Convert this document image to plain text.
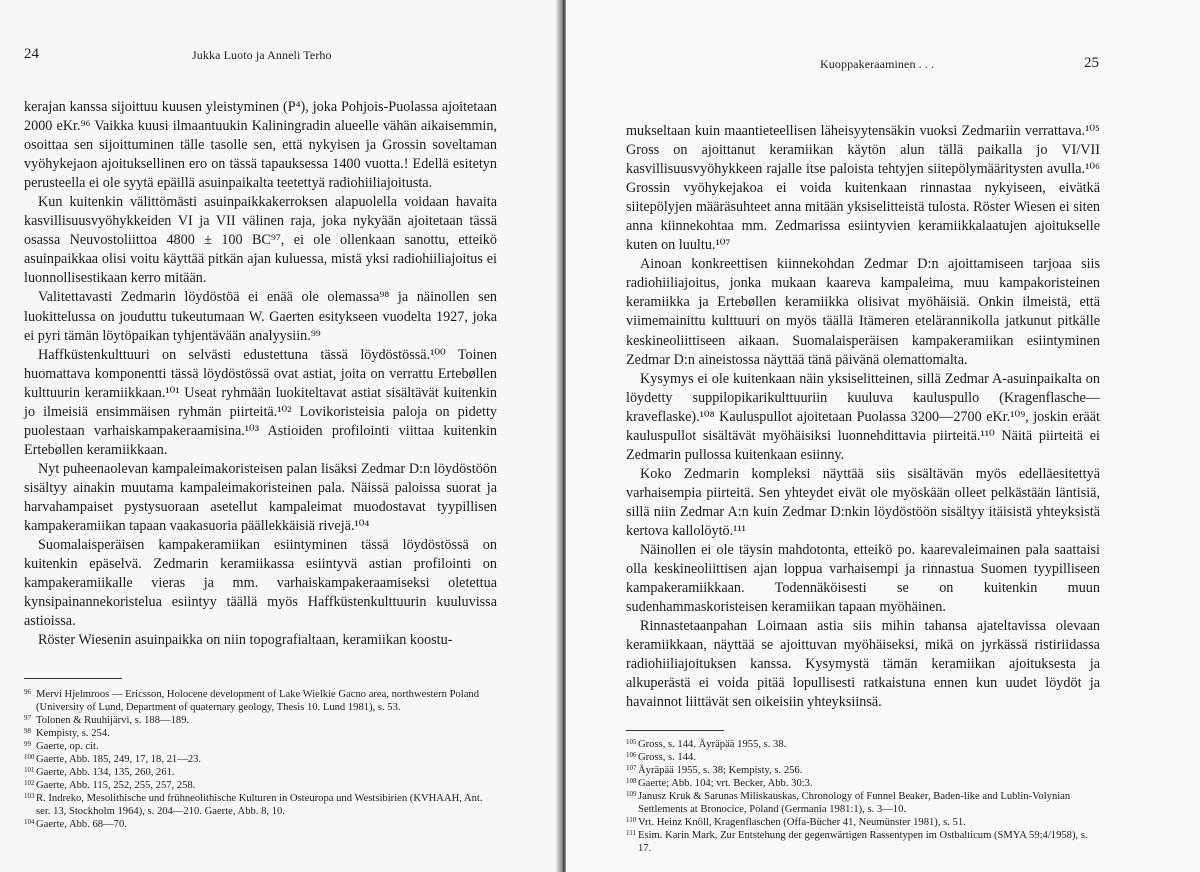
24	Jukka Luoto ja Anneli Terho

kerajan kanssa sijoittuu kuusen yleistyminen (P⁴), joka Pohjois-Puolassa ajoitetaan 2000 eKr.⁹⁶ Vaikka kuusi ilmaantuukin Kaliningradin alueelle vähän aikaisemmin, osoittaa sen sijoittuminen tälle tasolle sen, että nykyisen ja Grossin soveltaman vyöhykejaon ajoituksellinen ero on tässä tapauksessa 1400 vuotta.! Edellä esitetyn perusteella ei ole syytä epäillä asuinpaikalta teetettyä radiohiiliajoitusta.

Kun kuitenkin välittömästi asuinpaikkakerroksen alapuolella voidaan havaita kasvillisuusvyöhykkeiden VI ja VII välinen raja, joka nykyään ajoitetaan tässä osassa Neuvostoliittoa 4800 ± 100 BC⁹⁷, ei ole ollenkaan sanottu, etteikö asuinpaikkaa olisi voitu käyttää pitkän ajan kuluessa, mistä yksi radiohiiliajoitus ei luonnollisestikaan kerro mitään.

Valitettavasti Zedmarin löydöstöä ei enää ole olemassa⁹⁸ ja näinollen sen luokittelussa on jouduttu tukeutumaan W. Gaerten esitykseen vuodelta 1927, joka ei pyri tämän löytöpaikan tyhjentävään analyysiin.⁹⁹

Haffküstenkulttuuri on selvästi edustettuna tässä löydöstössä.¹⁰⁰ Toinen huomattava komponentti tässä löydöstössä ovat astiat, joita on verrattu Ertebøllen kulttuurin keramiikkaan.¹⁰¹ Useat ryhmään luokiteltavat astiat sisältävät kuitenkin jo ilmeisiä ensimmäisen ryhmän piirteitä.¹⁰² Lovikoristeisia paloja on pidetty puolestaan varhaiskampakeraamisina.¹⁰³ Astioiden profilointi viittaa kuitenkin Ertebøllen keramiikkaan.

Nyt puheenaolevan kampaleimakoristeisen palan lisäksi Zedmar D:n löydöstöön sisältyy ainakin muutama kampaleimakoristeinen pala. Näissä paloissa suorat ja harvahampaiset pystysuoraan asetellut kampaleimat muodostavat tyypillisen kampakeramiikan tapaan vaakasuoria päällekkäisiä rivejä.¹⁰⁴

Suomalaisperäisen kampakeramiikan esiintyminen tässä löydöstössä on kuitenkin epäselvä. Zedmarin keramiikassa esiintyvä astian profilointi on kampakeramiikalle vieras ja mm. varhaiskampakeraamiseksi oletettua kynsipainannekoristelua esiintyy täällä myös Haffküstenkulttuurin kuuluvissa astioissa.

Röster Wiesenin asuinpaikka on niin topografialtaan, keramiikan koostu-

96 Mervi Hjelmroos — Ericsson, Holocene development of Lake Wielkie Gacno area, northwestern Poland (University of Lund, Department of quaternary geology, Thesis 10. Lund 1981), s. 53.
97 Tolonen & Ruuhijärvi, s. 188—189.
98 Kempisty, s. 254.
99 Gaerte, op. cit.
100 Gaerte, Abb. 185, 249, 17, 18, 21—23.
101 Gaerte, Abb. 134, 135, 260, 261.
102 Gaerte, Abb. 115, 252, 255, 257, 258.
103 R. Indreko, Mesolithische und frühneolithische Kulturen in Osteuropa und Westsibirien (KVHAAH, Ant. ser. 13, Stockholm 1964), s. 204—210. Gaerte, Abb. 8, 10.
104 Gaerte, Abb. 68—70.
Kuoppakeraaminen . . .	25

mukseltaan kuin maantieteellisen läheisyytensäkin vuoksi Zedmariin verrattava.¹⁰⁵ Gross on ajoittanut keramiikan käytön alun tällä paikalla jo VI/VII kasvillisuusvyöhykkeen rajalle itse paloista tehtyjen siitepölymääritysten avulla.¹⁰⁶ Grossin vyöhykejakoa ei voida kuitenkaan rinnastaa nykyiseen, eivätkä siitepölyjen määräsuhteet anna mitään yksiselitteistä tulosta. Röster Wiesen ei siten anna kiinnekohtaa mm. Zedmarissa esiintyvien keramiikkalaatujen ajoitukselle kuten on luultu.¹⁰⁷

Ainoan konkreettisen kiinnekohdan Zedmar D:n ajoittamiseen tarjoaa siis radiohiiliajoitus, jonka mukaan kaareva kampaleima, muu kampakoristeinen keramiikka ja Ertebøllen keramiikka olisivat myöhäisiä. Onkin ilmeistä, että viimemainittu kulttuuri on myös täällä Itämeren etelärannikolla jatkunut pitkälle keskineoliittiseen aikaan. Suomalaisperäisen kampakeramiikan esiintyminen Zedmar D:n aineistossa näyttää tänä päivänä olemattomalta.

Kysymys ei ole kuitenkaan näin yksiselitteinen, sillä Zedmar A-asuinpaikalta on löydetty suppilopikarikulttuuriin kuuluva kauluspullo (Kragenflasche—kraveflaske).¹⁰⁸ Kauluspullot ajoitetaan Puolassa 3200—2700 eKr.¹⁰⁹, joskin eräät kauluspullot sisältävät myöhäisiksi luonnehdittavia piirteitä.¹¹⁰ Näitä piirteitä ei Zedmarin pullossa kuitenkaan esiinny.

Koko Zedmarin kompleksi näyttää siis sisältävän myös edelläesitettyä varhaisempia piirteitä. Sen yhteydet eivät ole myöskään olleet pelkästään läntisiä, sillä niin Zedmar A:n kuin Zedmar D:nkin löydöstöön sisältyy itäisistä yhteyksistä kertova kallolöytö.¹¹¹

Näinollen ei ole täysin mahdotonta, etteikö po. kaarevaleimainen pala saattaisi olla keskineoliittisen ajan loppua varhaisempi ja rinnastua Suomen tyypilliseen kampakeramiikkaan. Todennäköisesti se on kuitenkin muun sudenhammaskoristeisen keramiikan tapaan myöhäinen.

Rinnastetaanpahan Loimaan astia siis mihin tahansa ajateltavissa olevaan keramiikkaan, näyttää se ajoittuvan myöhäiseksi, mikä on jyrkässä ristiriidassa radiohiiliajoituksen kanssa. Kysymystä tämän keramiikan ajoituksesta ja alkuperästä ei voida pitää lopullisesti ratkaistuna ennen kun uudet löydöt ja havainnot liittävät sen oikeisiin yhteyksiinsä.

105 Gross, s. 144. Äyräpää 1955, s. 38.
106 Gross, s. 144.
107 Äyräpää 1955, s. 38; Kempisty, s. 256.
108 Gaerte; Abb. 104; vrt. Becker, Abb. 30:3.
109 Janusz Kruk & Sarunas Miliskauskas, Chronology of Funnel Beaker, Baden-like and Lublin-Volynian Settlements at Bronocice, Poland (Germania 1981:1), s. 3—10.
110 Vrt. Heinz Knöll, Kragenflaschen (Offa-Bücher 41, Neumünster 1981), s. 51.
111 Esim. Karin Mark, Zur Entstehung der gegenwärtigen Rassentypen im Ostbalticum (SMYA 59:4/1958), s. 17.
